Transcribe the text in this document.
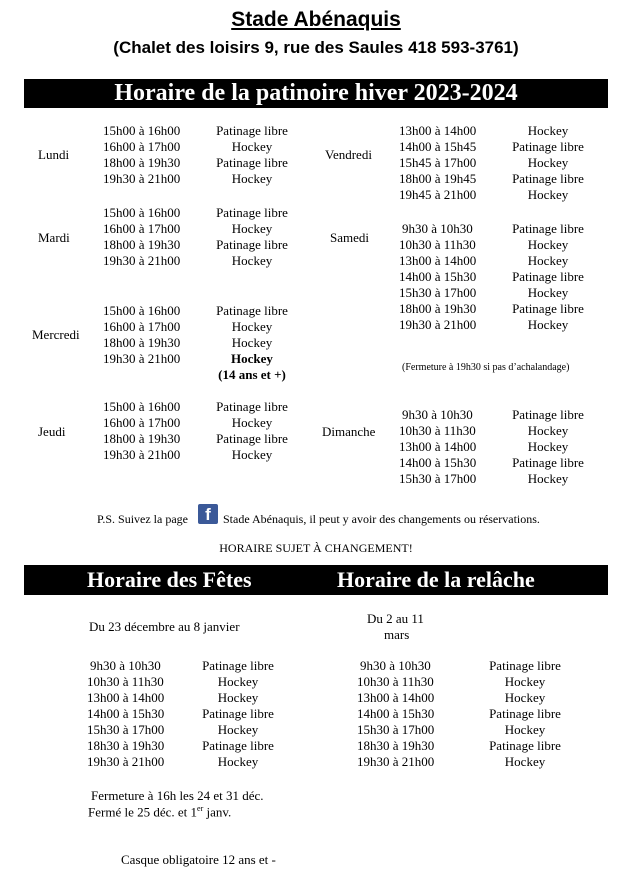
Stade Abénaquis
(Chalet des loisirs 9, rue des Saules 418 593-3761)
Horaire de la patinoire hiver 2023-2024
Lundi
15h00 à 16h00	Patinage libre
16h00 à 17h00	Hockey
18h00 à 19h30	Patinage libre
19h30 à 21h00	Hockey
Mardi
15h00 à 16h00	Patinage libre
16h00 à 17h00	Hockey
18h00 à 19h30	Patinage libre
19h30 à 21h00	Hockey
Mercredi
15h00 à 16h00	Patinage libre
16h00 à 17h00	Hockey
18h00 à 19h30	Hockey
19h30 à 21h00	Hockey
(14 ans et +)
Jeudi
15h00 à 16h00	Patinage libre
16h00 à 17h00	Hockey
18h00 à 19h30	Patinage libre
19h30 à 21h00	Hockey
Vendredi
13h00 à 14h00	Hockey
14h00 à 15h45	Patinage libre
15h45 à 17h00	Hockey
18h00 à 19h45	Patinage libre
19h45 à 21h00	Hockey
Samedi
9h30 à 10h30	Patinage libre
10h30 à 11h30	Hockey
13h00 à 14h00	Hockey
14h00 à 15h30	Patinage libre
15h30 à 17h00	Hockey
18h00 à 19h30	Patinage libre
19h30 à 21h00	Hockey
Dimanche
9h30 à 10h30	Patinage libre
10h30 à 11h30	Hockey
13h00 à 14h00	Hockey
14h00 à 15h30	Patinage libre
15h30 à 17h00	Hockey
(Fermeture à 19h30 si pas d’achalandage)
P.S. Suivez la page	f	Stade Abénaquis, il peut y avoir des changements ou réservations.
HORAIRE SUJET À CHANGEMENT!
Horaire des Fêtes	Horaire de la relâche
Du 23 décembre au 8 janvier
Du 2 au 11
mars
9h30 à 10h30	Patinage libre
10h30 à 11h30	Hockey
13h00 à 14h00	Hockey
14h00 à 15h30	Patinage libre
15h30 à 17h00	Hockey
18h30 à 19h30	Patinage libre
19h30 à 21h00	Hockey
9h30 à 10h30	Patinage libre
10h30 à 11h30	Hockey
13h00 à 14h00	Hockey
14h00 à 15h30	Patinage libre
15h30 à 17h00	Hockey
18h30 à 19h30	Patinage libre
19h30 à 21h00	Hockey
Fermeture à 16h les 24 et 31 déc.
Fermé le 25 déc. et 1er janv.
Casque obligatoire 12 ans et -
